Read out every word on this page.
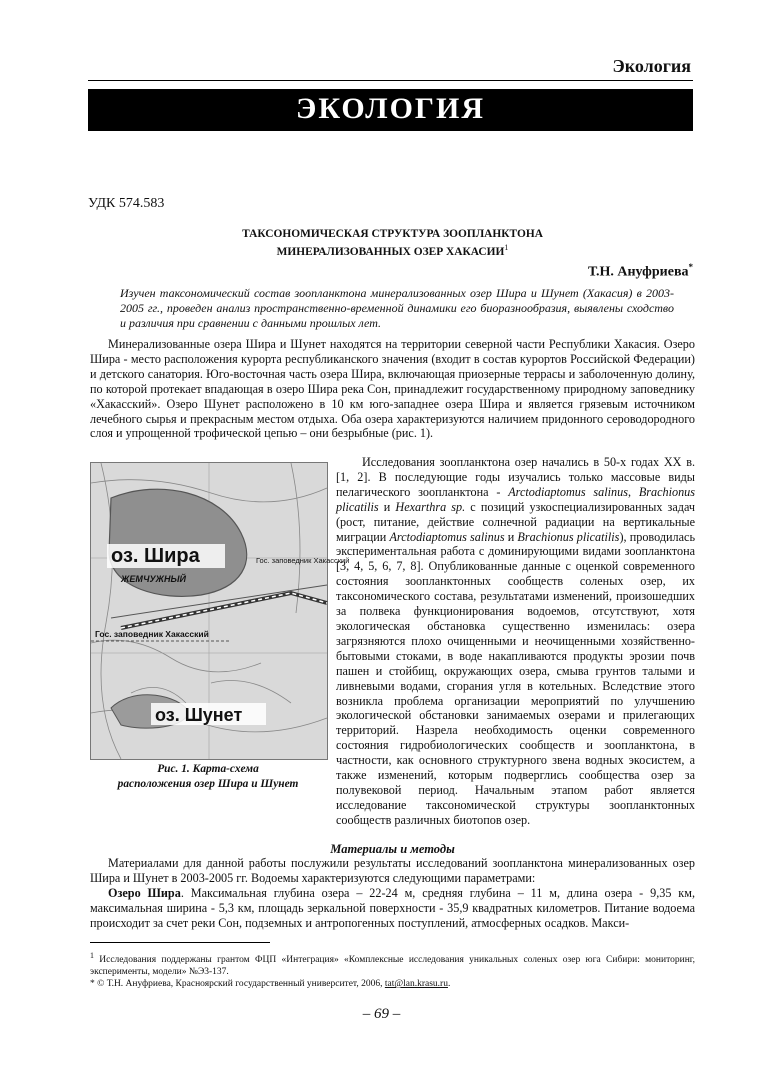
Экология
ЭКОЛОГИЯ
УДК 574.583
ТАКСОНОМИЧЕСКАЯ СТРУКТУРА ЗООПЛАНКТОНА
МИНЕРАЛИЗОВАННЫХ ОЗЕР ХАКАСИИ$^1$
Т.Н. Ануфриева*
Изучен таксономический состав зоопланктона минерализованных озер Шира и Шунет (Хакасия) в 2003-2005 гг., проведен анализ пространственно-временной динамики его биоразнообразия, выявлены сходство и различия при сравнении с данными прошлых лет.
Минерализованные озера Шира и Шунет находятся на территории северной части Республики Хакасия. Озеро Шира - место расположения курорта республиканского значения (входит в состав курортов Российской Федерации) и детского санатория. Юго-восточная часть озера Шира, включающая приозерные террасы и заболоченную долину, по которой протекает впадающая в озеро Шира река Сон, принадлежит государственному природному заповеднику «Хакасский». Озеро Шунет расположено в 10 км юго-западнее озера Шира и является грязевым источником лечебного сырья и прекрасным местом отдыха. Оба озера характеризуются наличием придонного сероводородного слоя и упрощенной трофической цепью – они безрыбные (рис. 1).
оз. Шира
ЖЕМЧУЖНЫЙ
Гос. заповедник Хакасский
оз. Шунет
Гос. заповедник Хакасский
Рис. 1. Карта-схема
расположения озер Шира и Шунет
Исследования зоопланктона озер начались в 50-х годах XX в. [1, 2]. В последующие годы изучались только массовые виды пелагического зоопланктона - Arctodiaptomus salinus, Brachionus plicatilis и Hexarthra sp. с позиций узкоспециализированных задач (рост, питание, действие солнечной радиации на вертикальные миграции Arctodiaptomus salinus и Brachionus plicatilis), проводилась экспериментальная работа с доминирующими видами зоопланктона [3, 4, 5, 6, 7, 8]. Опубликованные данные с оценкой современного состояния зоопланктонных сообществ соленых озер, их таксономического состава, результатами изменений, произошедших за полвека функционирования водоемов, отсутствуют, хотя экологическая обстановка существенно изменилась: озера загрязняются плохо очищенными и неочищенными хозяйственно-бытовыми стоками, в воде накапливаются продукты эрозии почв пашен и стойбищ, окружающих озера, смыва грунтов талыми и ливневыми водами, сгорания угля в котельных. Вследствие этого возникла проблема организации мероприятий по улучшению экологической обстановки занимаемых озерами и прилегающих территорий. Назрела необходимость оценки современного состояния гидробиологических сообществ и зоопланктона, в частности, как основного структурного звена водных экосистем, а также изменений, которым подверглись сообщества озер за полувековой период. Начальным этапом работ является исследование таксономической структуры зоопланктонных сообществ различных биотопов озер.
Материалы и методы
Материалами для данной работы послужили результаты исследований зоопланктона минерализованных озер Шира и Шунет в 2003-2005 гг. Водоемы характеризуются следующими параметрами:
Озеро Шира. Максимальная глубина озера – 22-24 м, средняя глубина – 11 м, длина озера - 9,35 км, максимальная ширина - 5,3 км, площадь зеркальной поверхности - 35,9 квадратных километров. Питание водоема происходит за счет реки Сон, подземных и антропогенных поступлений, атмосферных осадков. Макси-
$^1$ Исследования поддержаны грантом ФЦП «Интеграция» «Комплексные исследования уникальных соленых озер юга Сибири: мониторинг, эксперименты, модели» №Э3-137.
* © Т.Н. Ануфриева, Красноярский государственный университет, 2006, tat@lan.krasu.ru.
– 69 –
